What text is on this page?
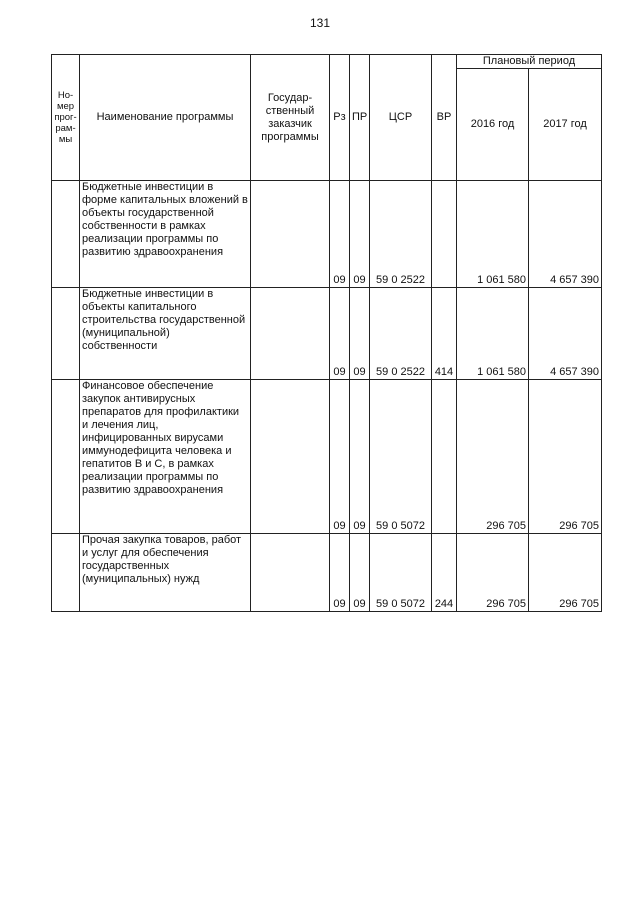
131
Но-мер прог-рам-мы	Наименование программы	Государ-ственный заказчик программы	Рз	ПР	ЦСР	ВР	Плановый период	
							2016 год	2017 год

	Бюджетные инвестиции в форме капитальных вложений в объекты государственной собственности в рамках реализации программы по развитию здравоохранения		09	09	59 0 2522		1 061 580	4 657 390

	Бюджетные инвестиции в объекты капитального строительства государственной (муниципальной) собственности		09	09	59 0 2522	414	1 061 580	4 657 390

	Финансовое обеспечение закупок антивирусных препаратов для профилактики и лечения лиц, инфицированных вирусами иммунодефицита человека и гепатитов В и С, в рамках реализации программы по развитию здравоохранения		09	09	59 0 5072		296 705	296 705

	Прочая закупка товаров, работ и услуг для обеспечения государственных (муниципальных) нужд		09	09	59 0 5072	244	296 705	296 705
